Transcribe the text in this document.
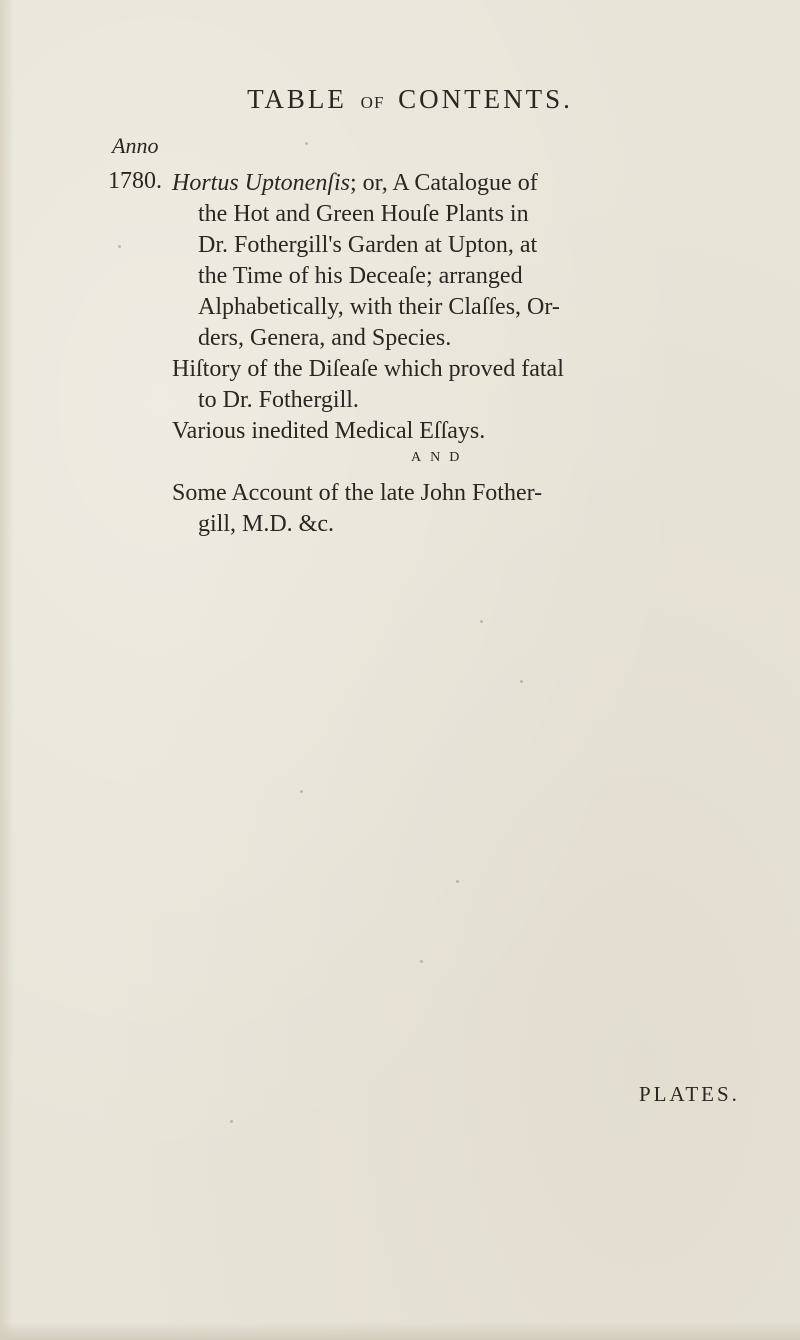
TABLE OF CONTENTS.
Anno
1780. Hortus Uptonenſis; or, A Catalogue of
the Hot and Green Houſe Plants in
Dr. Fothergill's Garden at Upton, at
the Time of his Deceaſe; arranged
Alphabetically, with their Claſſes, Or-
ders, Genera, and Species.
Hiſtory of the Diſeaſe which proved fatal
to Dr. Fothergill.
Various inedited Medical Eſſays.
AND
Some Account of the late John Fother-
gill, M.D. &c.
PLATES.
